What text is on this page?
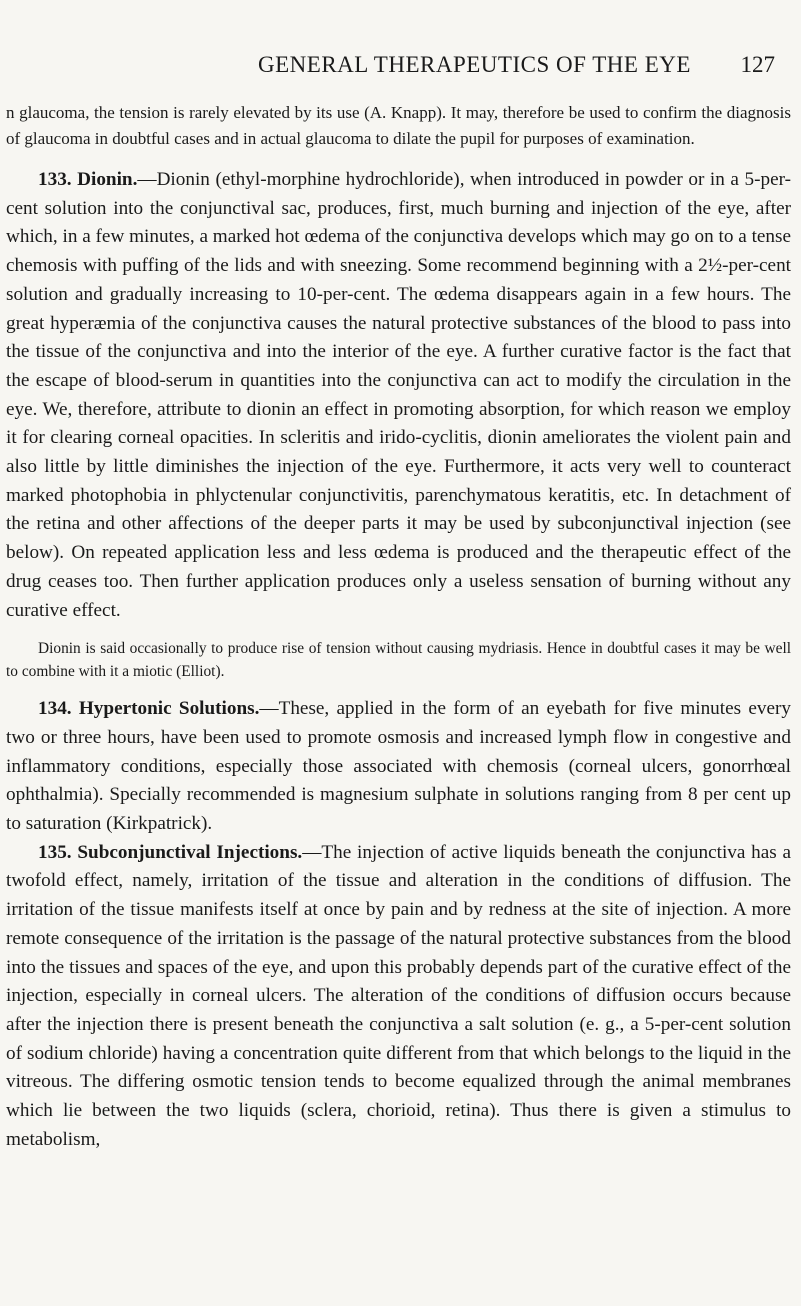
GENERAL THERAPEUTICS OF THE EYE 127

n glaucoma, the tension is rarely elevated by its use (A. Knapp). It may, therefore be used to confirm the diagnosis of glaucoma in doubtful cases and in actual glaucoma to dilate the pupil for purposes of examination.

133. Dionin.—Dionin (ethyl-morphine hydrochloride), when introduced in powder or in a 5-per-cent solution into the conjunctival sac, produces, first, much burning and injection of the eye, after which, in a few minutes, a marked hot œdema of the conjunctiva develops which may go on to a tense chemosis with puffing of the lids and with sneezing. Some recommend beginning with a 2½-per-cent solution and gradually increasing to 10-per-cent. The œdema disappears again in a few hours. The great hyperæmia of the conjunctiva causes the natural protective substances of the blood to pass into the tissue of the conjunctiva and into the interior of the eye. A further curative factor is the fact that the escape of blood-serum in quantities into the conjunctiva can act to modify the circulation in the eye. We, therefore, attribute to dionin an effect in promoting absorption, for which reason we employ it for clearing corneal opacities. In scleritis and irido-cyclitis, dionin ameliorates the violent pain and also little by little diminishes the injection of the eye. Furthermore, it acts very well to counteract marked photophobia in phlyctenular conjunctivitis, parenchymatous keratitis, etc. In detachment of the retina and other affections of the deeper parts it may be used by subconjunctival injection (see below). On repeated application less and less œdema is produced and the therapeutic effect of the drug ceases too. Then further application produces only a useless sensation of burning without any curative effect.

Dionin is said occasionally to produce rise of tension without causing mydriasis. Hence in doubtful cases it may be well to combine with it a miotic (Elliot).

134. Hypertonic Solutions.—These, applied in the form of an eyebath for five minutes every two or three hours, have been used to promote osmosis and increased lymph flow in congestive and inflammatory conditions, especially those associated with chemosis (corneal ulcers, gonorrhœal ophthalmia). Specially recommended is magnesium sulphate in solutions ranging from 8 per cent up to saturation (Kirkpatrick).

135. Subconjunctival Injections.—The injection of active liquids beneath the conjunctiva has a twofold effect, namely, irritation of the tissue and alteration in the conditions of diffusion. The irritation of the tissue manifests itself at once by pain and by redness at the site of injection. A more remote consequence of the irritation is the passage of the natural protective substances from the blood into the tissues and spaces of the eye, and upon this probably depends part of the curative effect of the injection, especially in corneal ulcers. The alteration of the conditions of diffusion occurs because after the injection there is present beneath the conjunctiva a salt solution (e. g., a 5-per-cent solution of sodium chloride) having a concentration quite different from that which belongs to the liquid in the vitreous. The differing osmotic tension tends to become equalized through the animal membranes which lie between the two liquids (sclera, chorioid, retina). Thus there is given a stimulus to metabolism,
